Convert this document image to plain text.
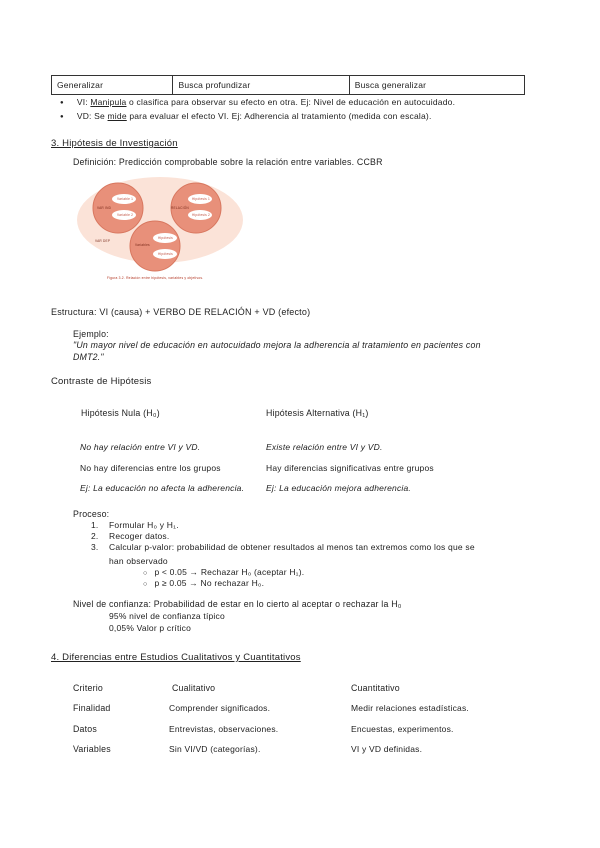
Generalizar	Busca profundizar	Busca generalizar
● VI: Manipula o clasifica para observar su efecto en otra. Ej: Nivel de educación en autocuidado.
● VD: Se mide para evaluar el efecto VI. Ej: Adherencia al tratamiento (medida con escala).
3. Hipótesis de Investigación
Definición: Predicción comprobable sobre la relación entre variables. CCBR
VAR IND	RELACIÓN
VAR DEP
Variable 1
Variable 2
Hipótesis 1
Hipótesis 2
Hipótesis
Hipótesis
Variables
Figura 3.2. Relación entre hipótesis, variables y objetivos.
Estructura: VI (causa) + VERBO DE RELACIÓN + VD (efecto)
Ejemplo:
"Un mayor nivel de educación en autocuidado mejora la adherencia al tratamiento en pacientes con
DMT2."
Contraste de Hipótesis
Hipótesis Nula (H₀)	Hipótesis Alternativa (H₁)
No hay relación entre VI y VD.	Existe relación entre VI y VD.
No hay diferencias entre los grupos	Hay diferencias significativas entre grupos
Ej: La educación no afecta la adherencia.	Ej: La educación mejora adherencia.
Proceso:
1. Formular H₀ y H₁.
2. Recoger datos.
3. Calcular p-valor: probabilidad de obtener resultados al menos tan extremos como los que se
han observado
○ p < 0.05 → Rechazar H₀ (aceptar H₁).
○ p ≥ 0.05 → No rechazar H₀.
Nivel de confianza: Probabilidad de estar en lo cierto al aceptar o rechazar la H₀
95% nivel de confianza típico
0,05% Valor p crítico
4. Diferencias entre Estudios Cualitativos y Cuantitativos
Criterio	Cualitativo	Cuantitativo
Finalidad	Comprender significados.	Medir relaciones estadísticas.
Datos	Entrevistas, observaciones.	Encuestas, experimentos.
Variables	Sin VI/VD (categorías).	VI y VD definidas.
